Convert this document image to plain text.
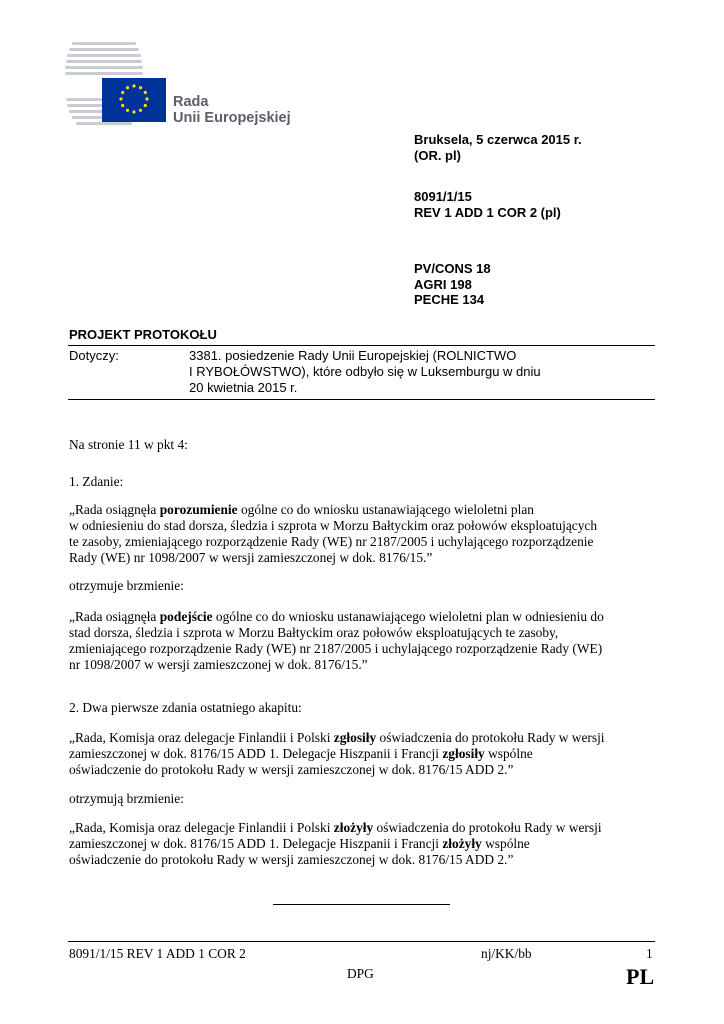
Rada
Unii Europejskiej
Bruksela, 5 czerwca 2015 r.
(OR. pl)
8091/1/15
REV 1 ADD 1 COR 2 (pl)
PV/CONS 18
AGRI 198
PECHE 134
PROJEKT PROTOKOŁU
Dotyczy:	3381. posiedzenie Rady Unii Europejskiej (ROLNICTWO
I RYBOŁÓWSTWO), które odbyło się w Luksemburgu w dniu
20 kwietnia 2015 r.
Na stronie 11 w pkt 4:
1. Zdanie:
„Rada osiągnęła porozumienie ogólne co do wniosku ustanawiającego wieloletni plan
w odniesieniu do stad dorsza, śledzia i szprota w Morzu Bałtyckim oraz połowów eksploatujących
te zasoby, zmieniającego rozporządzenie Rady (WE) nr 2187/2005 i uchylającego rozporządzenie
Rady (WE) nr 1098/2007 w wersji zamieszczonej w dok. 8176/15.”
otrzymuje brzmienie:
„Rada osiągnęła podejście ogólne co do wniosku ustanawiającego wieloletni plan w odniesieniu do
stad dorsza, śledzia i szprota w Morzu Bałtyckim oraz połowów eksploatujących te zasoby,
zmieniającego rozporządzenie Rady (WE) nr 2187/2005 i uchylającego rozporządzenie Rady (WE)
nr 1098/2007 w wersji zamieszczonej w dok. 8176/15.”
2. Dwa pierwsze zdania ostatniego akapitu:
„Rada, Komisja oraz delegacje Finlandii i Polski zgłosiły oświadczenia do protokołu Rady w wersji
zamieszczonej w dok. 8176/15 ADD 1. Delegacje Hiszpanii i Francji zgłosiły wspólne
oświadczenie do protokołu Rady w wersji zamieszczonej w dok. 8176/15 ADD 2.”
otrzymują brzmienie:
„Rada, Komisja oraz delegacje Finlandii i Polski złożyły oświadczenia do protokołu Rady w wersji
zamieszczonej w dok. 8176/15 ADD 1. Delegacje Hiszpanii i Francji złożyły wspólne
oświadczenie do protokołu Rady w wersji zamieszczonej w dok. 8176/15 ADD 2.”
8091/1/15 REV 1 ADD 1 COR 2	nj/KK/bb	1
DPG	PL
